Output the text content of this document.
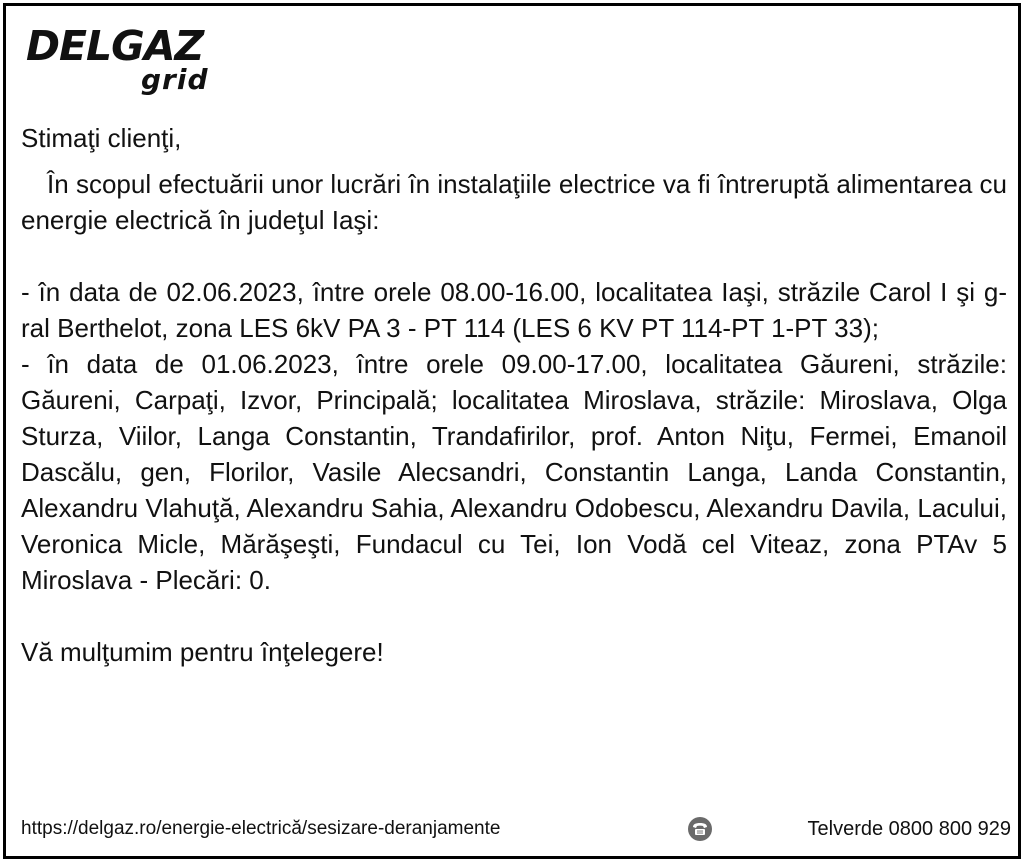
DELGAZ
grid

Stimaţi clienţi,

În scopul efectuării unor lucrări în instalaţiile electrice va fi întreruptă alimentarea cu energie electrică în judeţul Iaşi:

- în data de 02.06.2023, între orele 08.00-16.00, localitatea Iaşi, străzile Carol I şi g-ral Berthelot, zona LES 6kV PA 3 - PT 114 (LES 6 KV PT 114-PT 1-PT 33);

- în data de 01.06.2023, între orele 09.00-17.00, localitatea Găureni, străzile: Găureni, Carpaţi, Izvor, Principală; localitatea Miroslava, străzile: Miroslava, Olga Sturza, Viilor, Langa Constantin, Trandafirilor, prof. Anton Niţu, Fermei, Emanoil Dascălu, gen, Florilor, Vasile Alecsandri, Constantin Langa, Landa Constantin, Alexandru Vlahuţă, Alexandru Sahia, Alexandru Odobescu, Alexandru Davila, Lacului, Veronica Micle, Mărăşeşti, Fundacul cu Tei, Ion Vodă cel Viteaz, zona PTAv 5 Miroslava - Plecări: 0.

Vă mulţumim pentru înţelegere!

https://delgaz.ro/energie-electrică/sesizare-deranjamente	Telverde 0800 800 929
